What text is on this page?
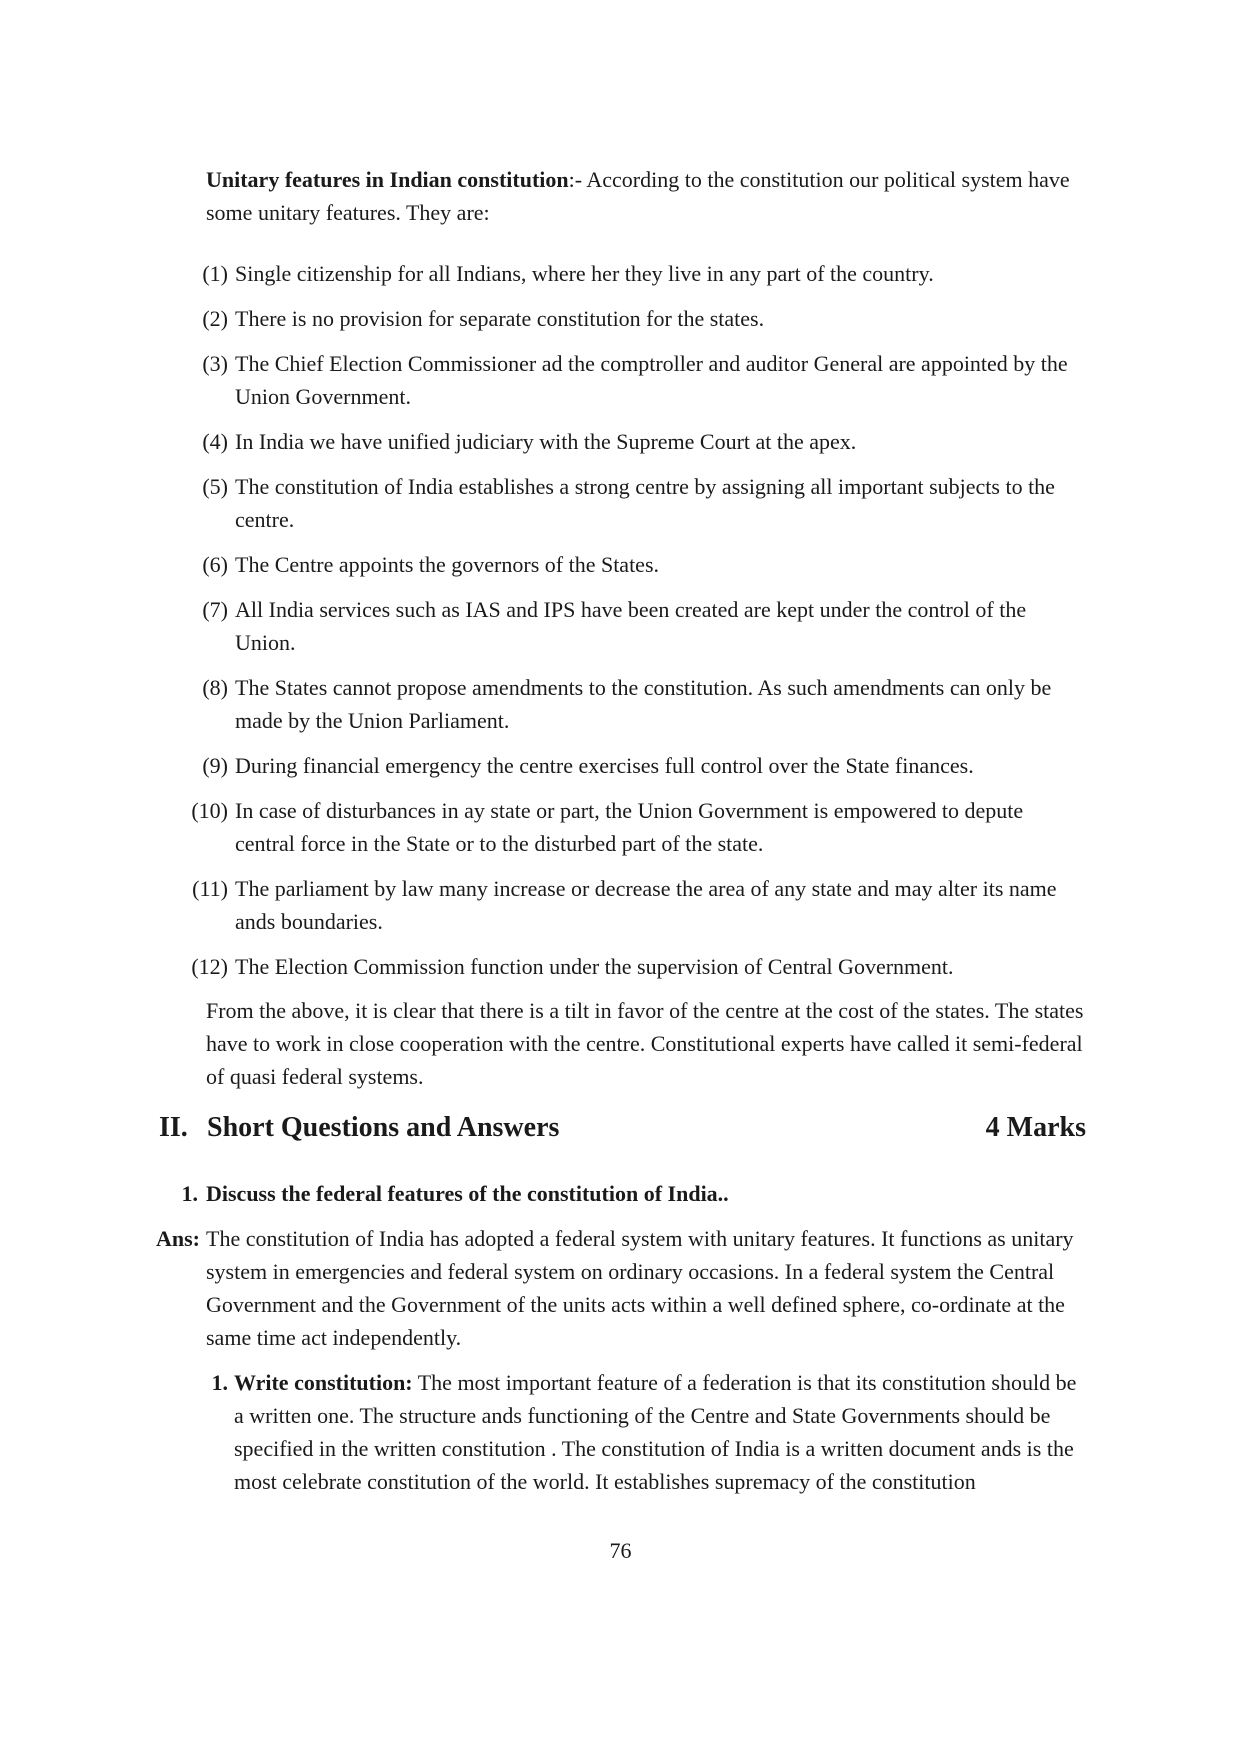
Unitary features in Indian constitution:- According to the constitution our political system have some unitary features. They are:

(1) Single citizenship for all Indians, where her they live in any part of the country.
(2) There is no provision for separate constitution for the states.
(3) The Chief Election Commissioner ad the comptroller and auditor General are appointed by the Union Government.
(4) In India we have unified judiciary with the Supreme Court at the apex.
(5) The constitution of India establishes a strong centre by assigning all important subjects to the centre.
(6) The Centre appoints the governors of the States.
(7) All India services such as IAS and IPS have been created are kept under the control of the Union.
(8) The States cannot propose amendments to the constitution. As such amendments can only be made by the Union Parliament.
(9) During financial emergency the centre exercises full control over the State finances.
(10) In case of disturbances in ay state or part, the Union Government is empowered to depute central force in the State or to the disturbed part of the state.
(11) The parliament by law many increase or decrease the area of any state and may alter its name ands boundaries.
(12) The Election Commission function under the supervision of Central Government.

From the above, it is clear that there is a tilt in favor of the centre at the cost of the states. The states have to work in close cooperation with the centre. Constitutional experts have called it semi-federal of quasi federal systems.

II. Short Questions and Answers	4 Marks
1. Discuss the federal features of the constitution of India..
Ans: The constitution of India has adopted a federal system with unitary features. It functions as unitary system in emergencies and federal system on ordinary occasions. In a federal system the Central Government and the Government of the units acts within a well defined sphere, co-ordinate at the same time act independently.
1. Write constitution: The most important feature of a federation is that its constitution should be a written one. The structure ands functioning of the Centre and State Governments should be specified in the written constitution . The constitution of India is a written document ands is the most celebrate constitution of the world. It establishes supremacy of the constitution
76
